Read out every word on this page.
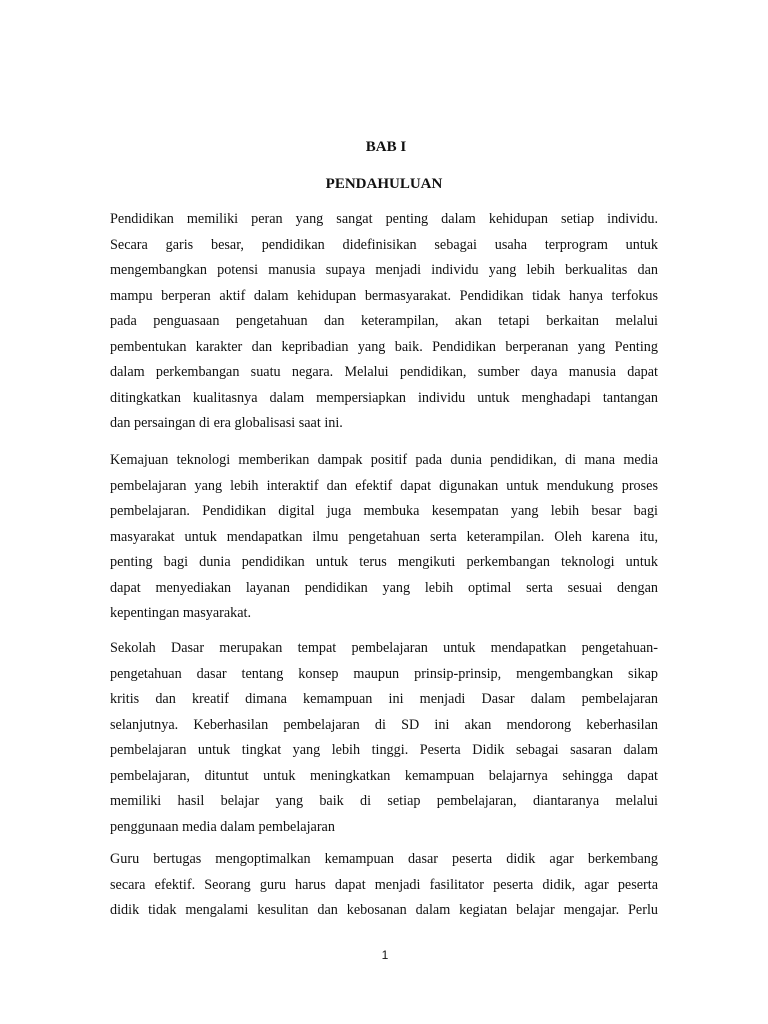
BAB I
PENDAHULUAN
Pendidikan memiliki peran yang sangat penting dalam kehidupan setiap individu.
Secara garis besar, pendidikan didefinisikan sebagai usaha terprogram untuk
mengembangkan potensi manusia supaya menjadi individu yang lebih berkualitas dan
mampu berperan aktif dalam kehidupan bermasyarakat. Pendidikan tidak hanya terfokus
pada penguasaan pengetahuan dan keterampilan, akan tetapi berkaitan melalui
pembentukan karakter dan kepribadian yang baik. Pendidikan berperanan yang Penting
dalam perkembangan suatu negara. Melalui pendidikan, sumber daya manusia dapat
ditingkatkan kualitasnya dalam mempersiapkan individu untuk menghadapi tantangan
dan persaingan di era globalisasi saat ini.
Kemajuan teknologi memberikan dampak positif pada dunia pendidikan, di mana media
pembelajaran yang lebih interaktif dan efektif dapat digunakan untuk mendukung proses
pembelajaran. Pendidikan digital juga membuka kesempatan yang lebih besar bagi
masyarakat untuk mendapatkan ilmu pengetahuan serta keterampilan. Oleh karena itu,
penting bagi dunia pendidikan untuk terus mengikuti perkembangan teknologi untuk
dapat menyediakan layanan pendidikan yang lebih optimal serta sesuai dengan
kepentingan masyarakat.
Sekolah Dasar merupakan tempat pembelajaran untuk mendapatkan pengetahuan-
pengetahuan dasar tentang konsep maupun prinsip-prinsip, mengembangkan sikap
kritis dan kreatif dimana kemampuan ini menjadi Dasar dalam pembelajaran
selanjutnya. Keberhasilan pembelajaran di SD ini akan mendorong keberhasilan
pembelajaran untuk tingkat yang lebih tinggi. Peserta Didik sebagai sasaran dalam
pembelajaran, dituntut untuk meningkatkan kemampuan belajarnya sehingga dapat
memiliki hasil belajar yang baik di setiap pembelajaran, diantaranya melalui
penggunaan media dalam pembelajaran
Guru bertugas mengoptimalkan kemampuan dasar peserta didik agar berkembang
secara efektif. Seorang guru harus dapat menjadi fasilitator peserta didik, agar peserta
didik tidak mengalami kesulitan dan kebosanan dalam kegiatan belajar mengajar. Perlu
1
